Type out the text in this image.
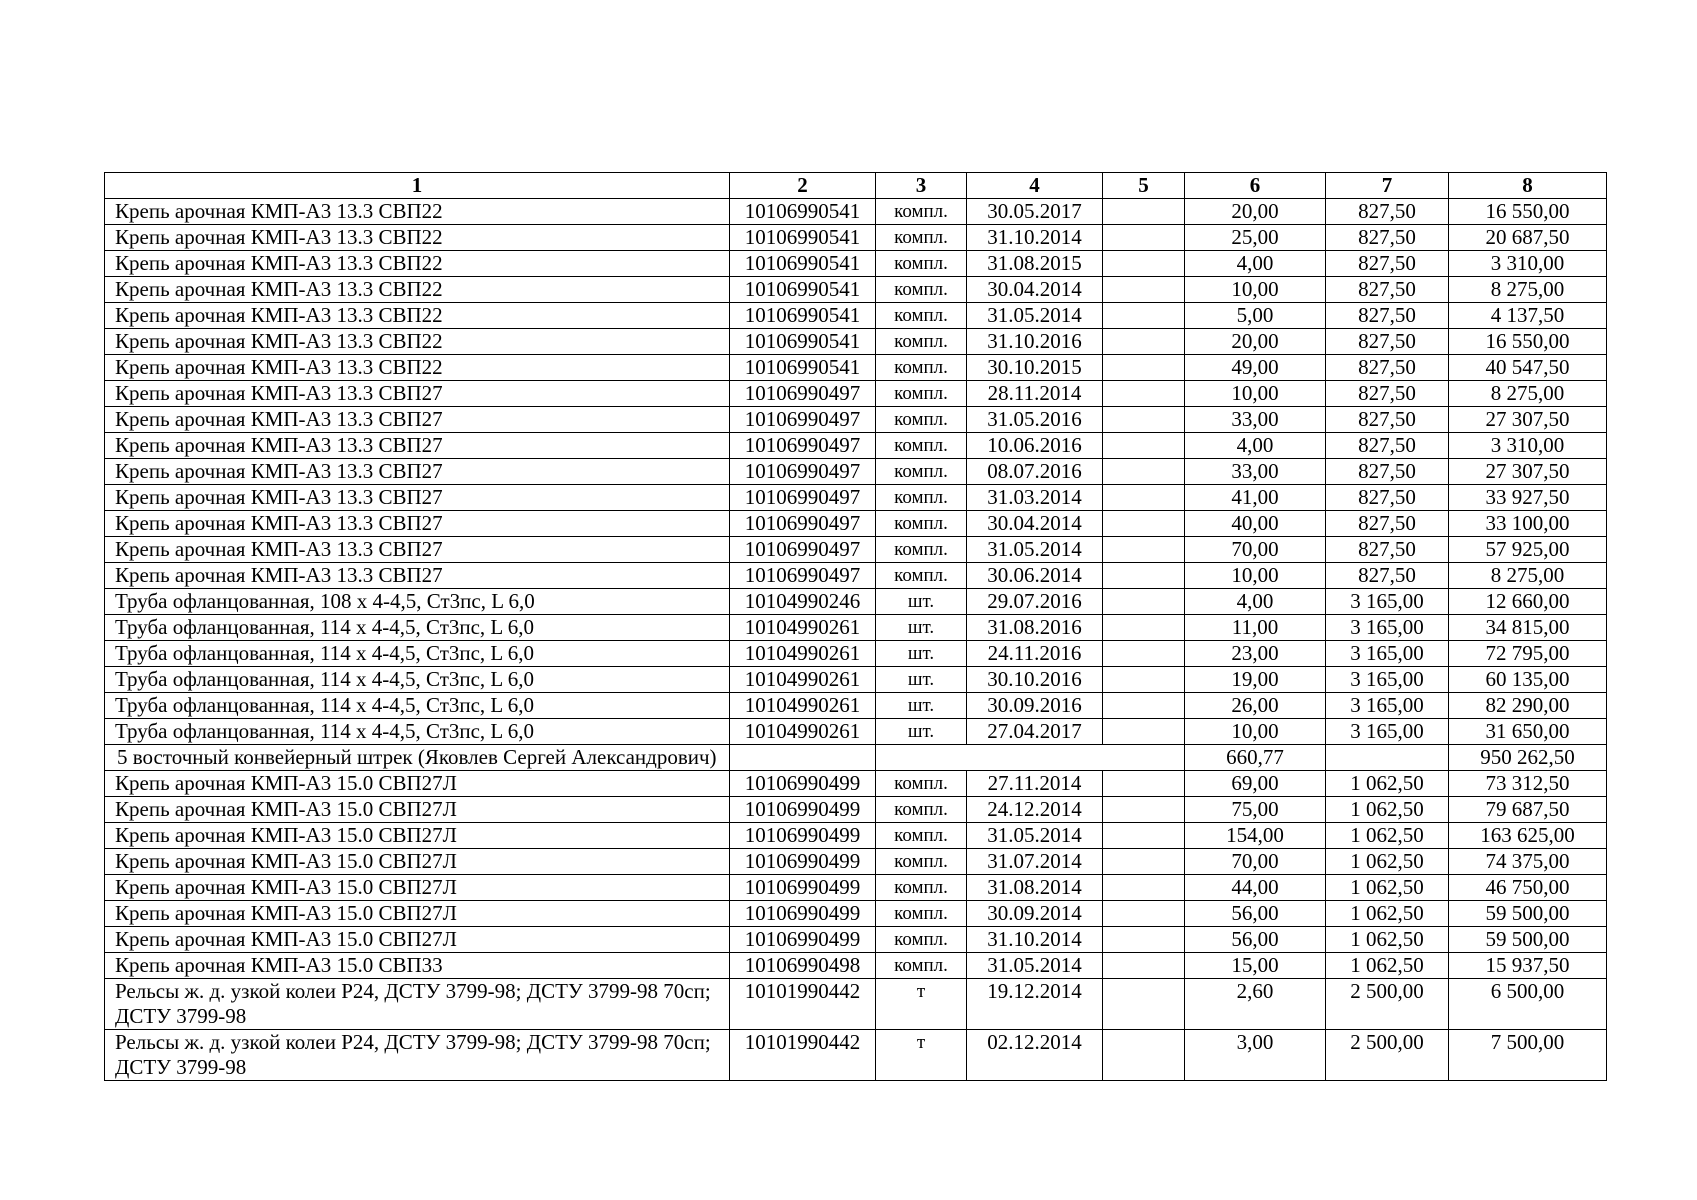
1	2	3	4	5	6	7	8
Крепь арочная КМП-А3 13.3 СВП22	10106990541	компл.	30.05.2017		20,00	827,50	16 550,00
Крепь арочная КМП-А3 13.3 СВП22	10106990541	компл.	31.10.2014		25,00	827,50	20 687,50
Крепь арочная КМП-А3 13.3 СВП22	10106990541	компл.	31.08.2015		4,00	827,50	3 310,00
Крепь арочная КМП-А3 13.3 СВП22	10106990541	компл.	30.04.2014		10,00	827,50	8 275,00
Крепь арочная КМП-А3 13.3 СВП22	10106990541	компл.	31.05.2014		5,00	827,50	4 137,50
Крепь арочная КМП-А3 13.3 СВП22	10106990541	компл.	31.10.2016		20,00	827,50	16 550,00
Крепь арочная КМП-А3 13.3 СВП22	10106990541	компл.	30.10.2015		49,00	827,50	40 547,50
Крепь арочная КМП-А3 13.3 СВП27	10106990497	компл.	28.11.2014		10,00	827,50	8 275,00
Крепь арочная КМП-А3 13.3 СВП27	10106990497	компл.	31.05.2016		33,00	827,50	27 307,50
Крепь арочная КМП-А3 13.3 СВП27	10106990497	компл.	10.06.2016		4,00	827,50	3 310,00
Крепь арочная КМП-А3 13.3 СВП27	10106990497	компл.	08.07.2016		33,00	827,50	27 307,50
Крепь арочная КМП-А3 13.3 СВП27	10106990497	компл.	31.03.2014		41,00	827,50	33 927,50
Крепь арочная КМП-А3 13.3 СВП27	10106990497	компл.	30.04.2014		40,00	827,50	33 100,00
Крепь арочная КМП-А3 13.3 СВП27	10106990497	компл.	31.05.2014		70,00	827,50	57 925,00
Крепь арочная КМП-А3 13.3 СВП27	10106990497	компл.	30.06.2014		10,00	827,50	8 275,00
Труба офланцованная, 108 х 4-4,5, Ст3пс, L 6,0	10104990246	шт.	29.07.2016		4,00	3 165,00	12 660,00
Труба офланцованная, 114 х 4-4,5, Ст3пс, L 6,0	10104990261	шт.	31.08.2016		11,00	3 165,00	34 815,00
Труба офланцованная, 114 х 4-4,5, Ст3пс, L 6,0	10104990261	шт.	24.11.2016		23,00	3 165,00	72 795,00
Труба офланцованная, 114 х 4-4,5, Ст3пс, L 6,0	10104990261	шт.	30.10.2016		19,00	3 165,00	60 135,00
Труба офланцованная, 114 х 4-4,5, Ст3пс, L 6,0	10104990261	шт.	30.09.2016		26,00	3 165,00	82 290,00
Труба офланцованная, 114 х 4-4,5, Ст3пс, L 6,0	10104990261	шт.	27.04.2017		10,00	3 165,00	31 650,00
5 восточный конвейерный штрек (Яковлев Сергей Александрович)					660,77		950 262,50
Крепь арочная КМП-А3 15.0 СВП27Л	10106990499	компл.	27.11.2014		69,00	1 062,50	73 312,50
Крепь арочная КМП-А3 15.0 СВП27Л	10106990499	компл.	24.12.2014		75,00	1 062,50	79 687,50
Крепь арочная КМП-А3 15.0 СВП27Л	10106990499	компл.	31.05.2014		154,00	1 062,50	163 625,00
Крепь арочная КМП-А3 15.0 СВП27Л	10106990499	компл.	31.07.2014		70,00	1 062,50	74 375,00
Крепь арочная КМП-А3 15.0 СВП27Л	10106990499	компл.	31.08.2014		44,00	1 062,50	46 750,00
Крепь арочная КМП-А3 15.0 СВП27Л	10106990499	компл.	30.09.2014		56,00	1 062,50	59 500,00
Крепь арочная КМП-А3 15.0 СВП27Л	10106990499	компл.	31.10.2014		56,00	1 062,50	59 500,00
Крепь арочная КМП-А3 15.0 СВП33	10106990498	компл.	31.05.2014		15,00	1 062,50	15 937,50
Рельсы ж. д. узкой колеи Р24, ДСТУ 3799-98; ДСТУ 3799-98 70сп; ДСТУ 3799-98	10101990442	т	19.12.2014		2,60	2 500,00	6 500,00
Рельсы ж. д. узкой колеи Р24, ДСТУ 3799-98; ДСТУ 3799-98 70сп; ДСТУ 3799-98	10101990442	т	02.12.2014		3,00	2 500,00	7 500,00
